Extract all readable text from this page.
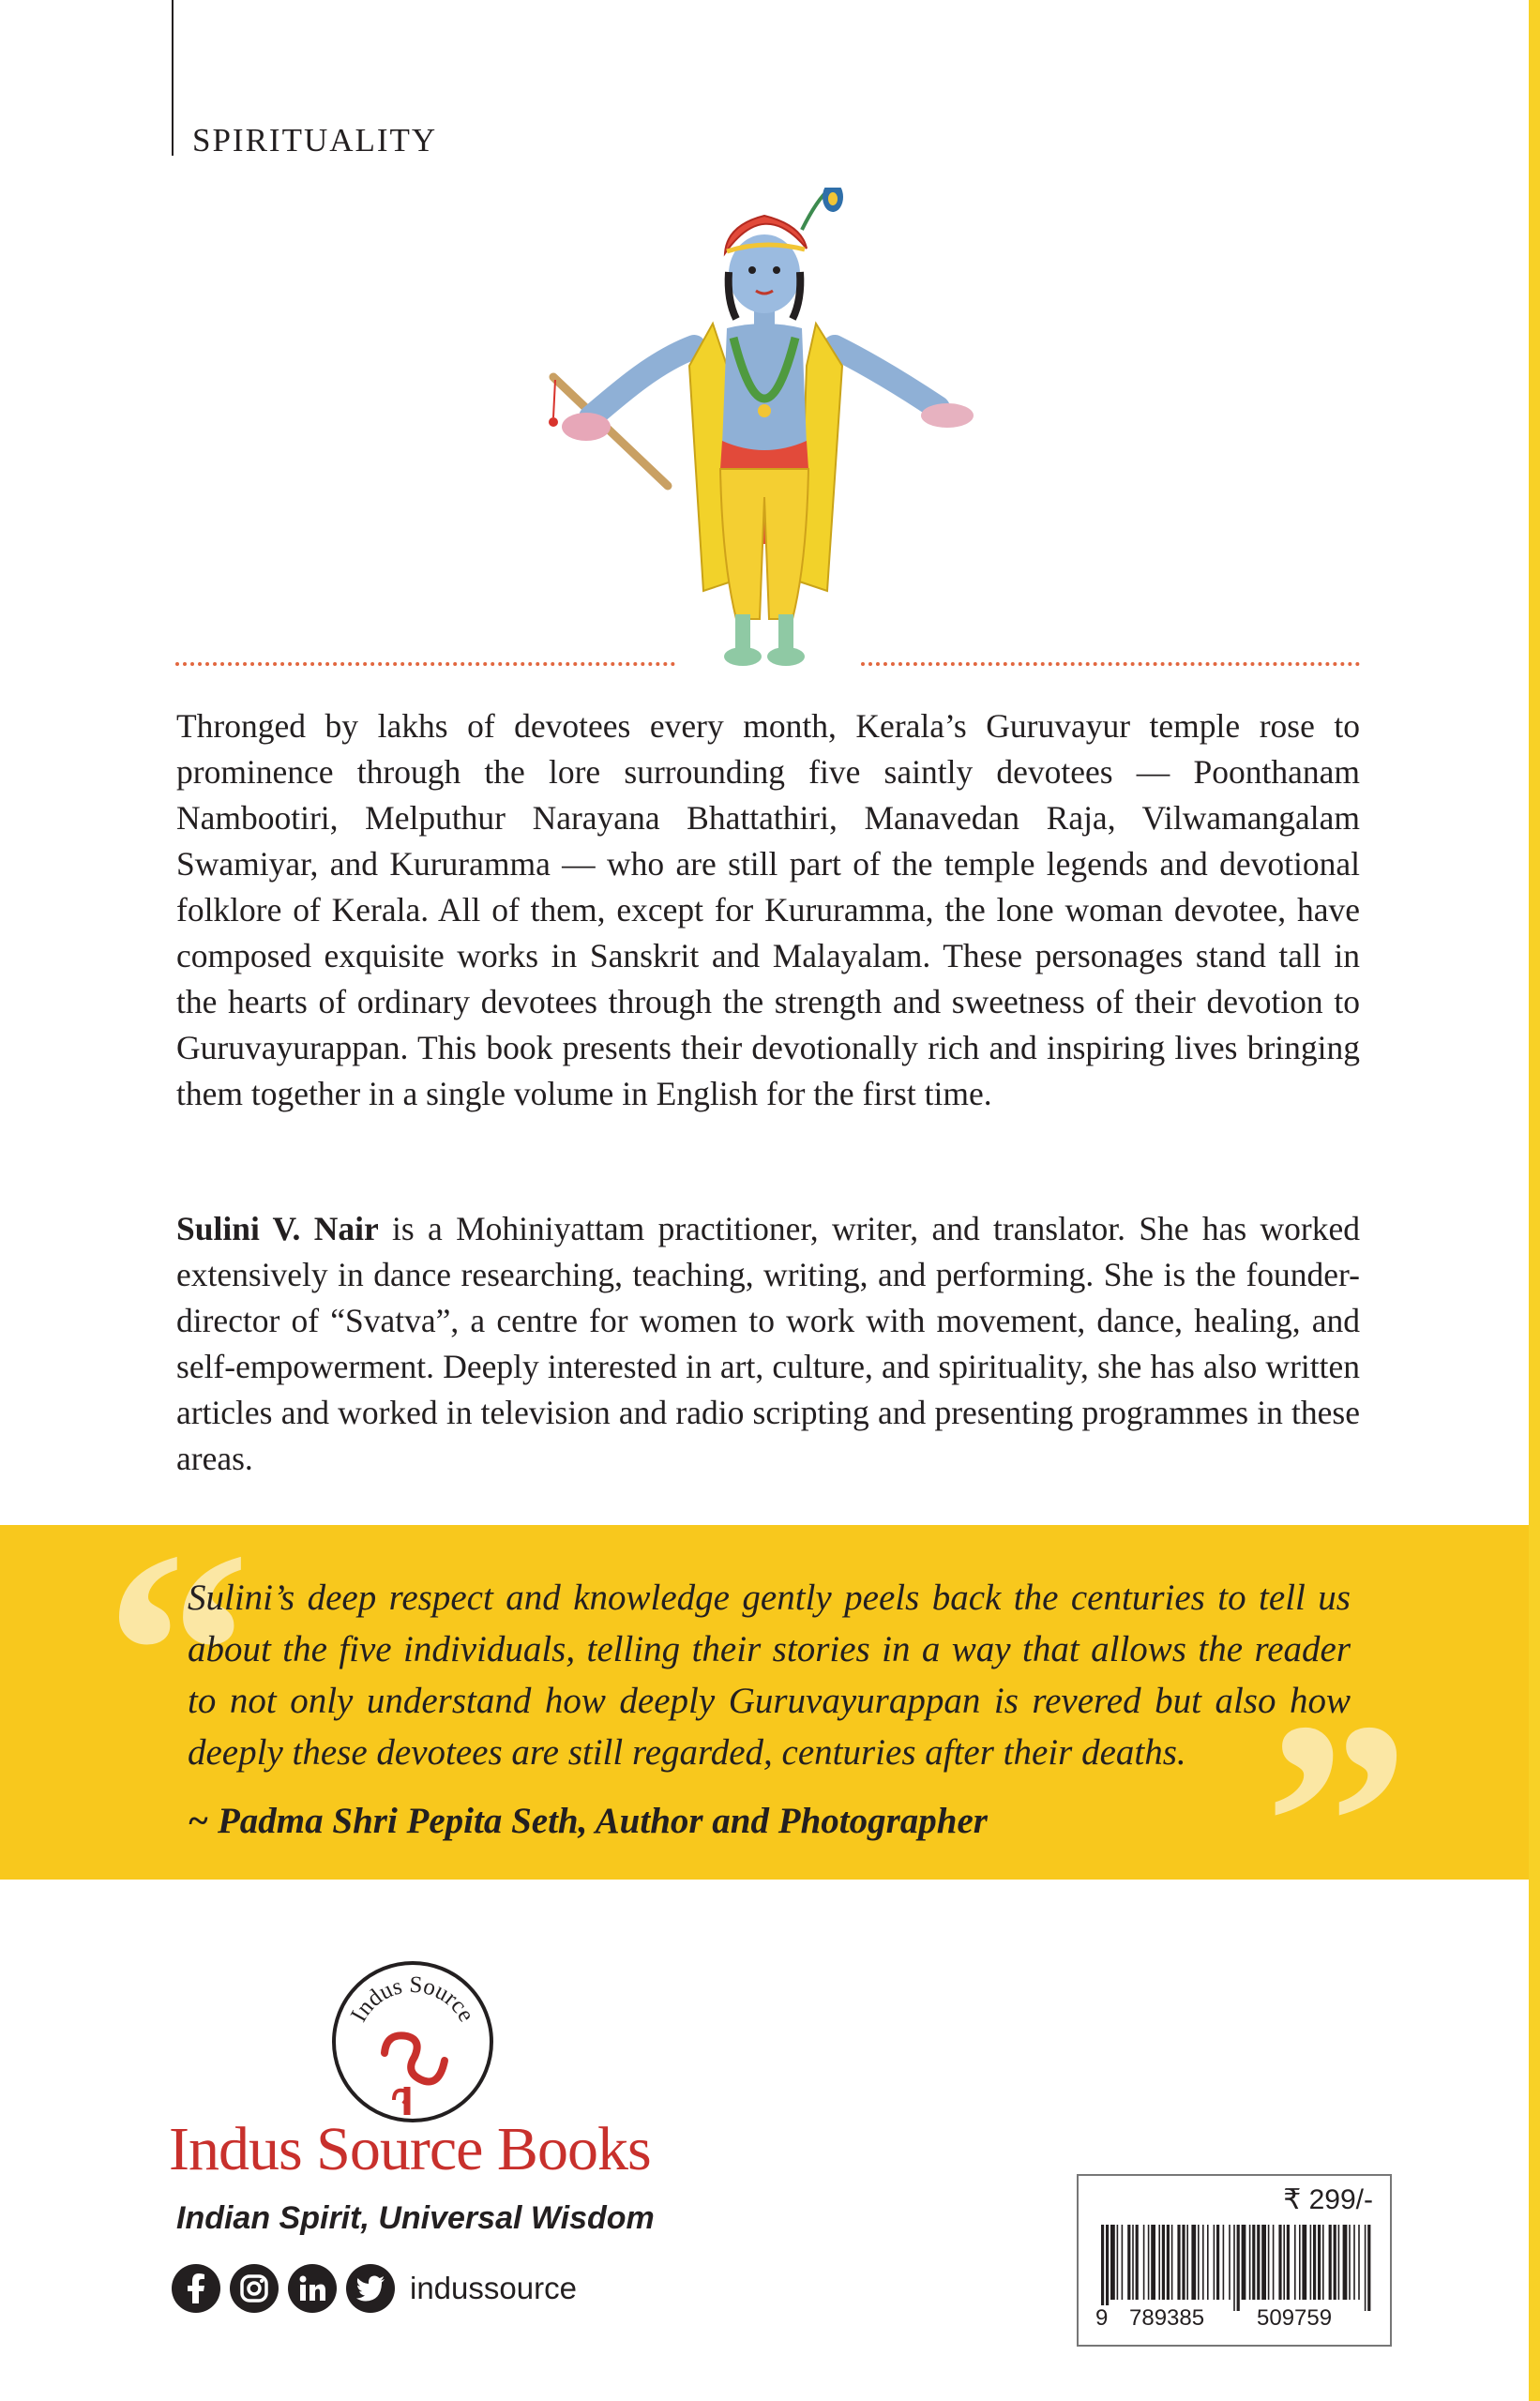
SPIRITUALITY

Thronged by lakhs of devotees every month, Kerala’s Guruvayur temple rose to prominence through the lore surrounding five saintly devotees — Poonthanam Nambootiri, Melputhur Narayana Bhattathiri, Manavedan Raja, Vilwamangalam Swamiyar, and Kururamma — who are still part of the temple legends and devotional folklore of Kerala. All of them, except for Kururamma, the lone woman devotee, have composed exquisite works in Sanskrit and Malayalam. These personages stand tall in the hearts of ordinary devotees through the strength and sweetness of their devotion to Guruvayurappan. This book presents their devotionally rich and inspiring lives bringing them together in a single volume in English for the first time.

Sulini V. Nair is a Mohiniyattam practitioner, writer, and translator. She has worked extensively in dance researching, teaching, writing, and performing. She is the founder-director of “Svatva”, a centre for women to work with movement, dance, healing, and self-empowerment. Deeply interested in art, culture, and spirituality, she has also written articles and worked in television and radio scripting and presenting programmes in these areas.

“
”

Sulini’s deep respect and knowledge gently peels back the centuries to tell us about the five individuals, telling their stories in a way that allows the reader to not only understand how deeply Guruvayurappan is revered but also how deeply these devotees are still regarded, centuries after their deaths.

~ Padma Shri Pepita Seth, Author and Photographer
Indus Source
Indus Source Books
Indian Spirit, Universal Wisdom
indussource
₹ 299/-
9 789385 509759
